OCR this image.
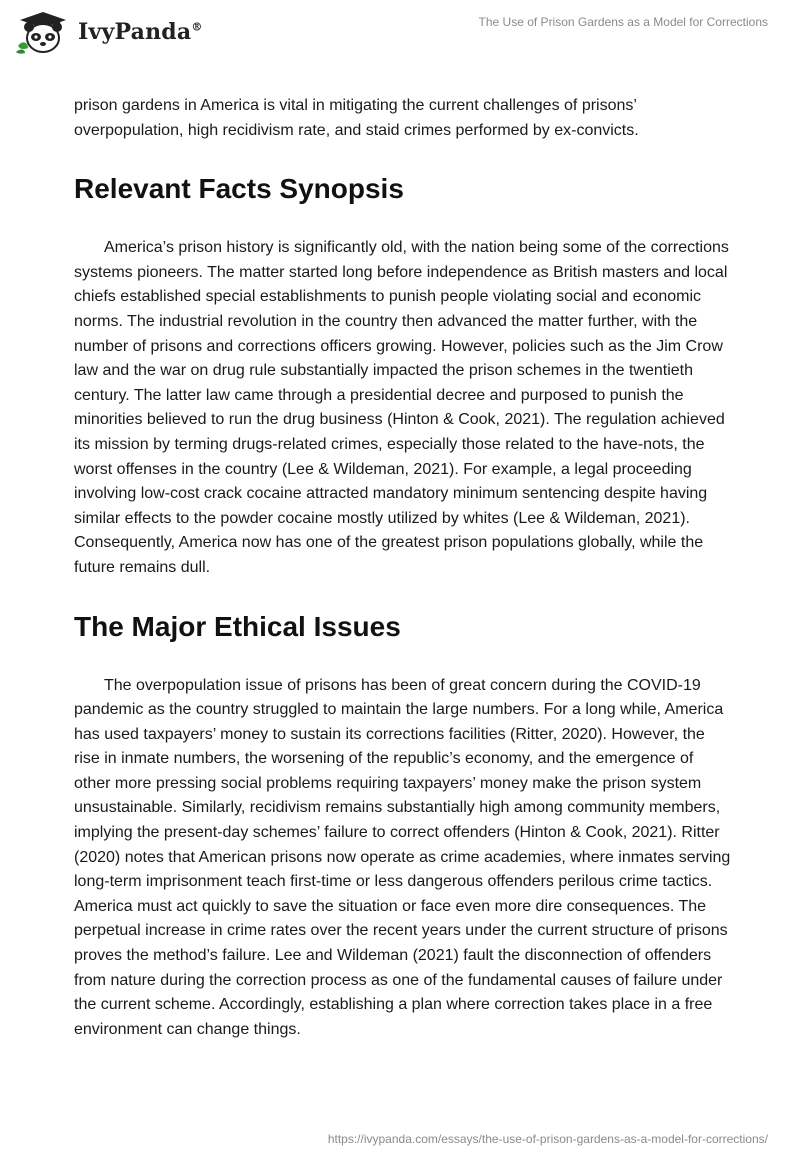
IvyPanda®	The Use of Prison Gardens as a Model for Corrections

prison gardens in America is vital in mitigating the current challenges of prisons’ overpopulation, high recidivism rate, and staid crimes performed by ex-convicts.

Relevant Facts Synopsis

America’s prison history is significantly old, with the nation being some of the corrections systems pioneers. The matter started long before independence as British masters and local chiefs established special establishments to punish people violating social and economic norms. The industrial revolution in the country then advanced the matter further, with the number of prisons and corrections officers growing. However, policies such as the Jim Crow law and the war on drug rule substantially impacted the prison schemes in the twentieth century. The latter law came through a presidential decree and purposed to punish the minorities believed to run the drug business (Hinton & Cook, 2021). The regulation achieved its mission by terming drugs-related crimes, especially those related to the have-nots, the worst offenses in the country (Lee & Wildeman, 2021). For example, a legal proceeding involving low-cost crack cocaine attracted mandatory minimum sentencing despite having similar effects to the powder cocaine mostly utilized by whites (Lee & Wildeman, 2021). Consequently, America now has one of the greatest prison populations globally, while the future remains dull.

The Major Ethical Issues

The overpopulation issue of prisons has been of great concern during the COVID-19 pandemic as the country struggled to maintain the large numbers. For a long while, America has used taxpayers’ money to sustain its corrections facilities (Ritter, 2020). However, the rise in inmate numbers, the worsening of the republic’s economy, and the emergence of other more pressing social problems requiring taxpayers’ money make the prison system unsustainable. Similarly, recidivism remains substantially high among community members, implying the present-day schemes’ failure to correct offenders (Hinton & Cook, 2021). Ritter (2020) notes that American prisons now operate as crime academies, where inmates serving long-term imprisonment teach first-time or less dangerous offenders perilous crime tactics. America must act quickly to save the situation or face even more dire consequences. The perpetual increase in crime rates over the recent years under the current structure of prisons proves the method’s failure. Lee and Wildeman (2021) fault the disconnection of offenders from nature during the correction process as one of the fundamental causes of failure under the current scheme. Accordingly, establishing a plan where correction takes place in a free environment can change things.

https://ivypanda.com/essays/the-use-of-prison-gardens-as-a-model-for-corrections/
